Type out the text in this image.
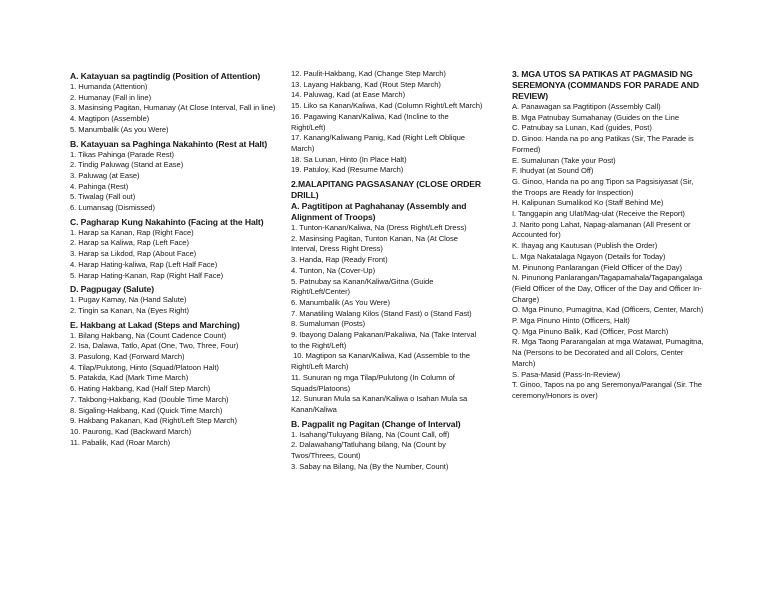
A. Katayuan sa pagtindig (Position of Attention)
1. Humanda (Attention)
2. Humanay (Fall in line)
3. Masinsing Pagitan, Humanay (At Close Interval, Fall in line)
4. Magtipon (Assemble)
5. Manumbalik (As you Were)
B. Katayuan sa Paghinga Nakahinto (Rest at Halt)
1. Tikas Pahinga (Parade Rest)
2. Tindig Paluwag (Stand at Ease)
3. Paluwag (at Ease)
4. Pahinga (Rest)
5. Tiwalag (Fall out)
6. Lumansag (Dismissed)
C. Pagharap Kung Nakahinto (Facing at the Halt)
1. Harap sa Kanan, Rap (Right Face)
2. Harap sa Kaliwa, Rap (Left Face)
3. Harap sa Likdod, Rap (About Face)
4. Harap Hating-kaliwa, Rap (Left Half Face)
5. Harap Hating-Kanan, Rap (Right Half Face)
D. Pagpugay (Salute)
1. Pugay Kamay, Na (Hand Salute)
2. Tingin sa Kanan, Na (Eyes Right)
E. Hakbang at Lakad (Steps and Marching)
1. Bilang Hakbang, Na (Count Cadence Count)
2. Isa, Dalawa, Tatlo, Apat (One, Two, Three, Four)
3. Pasulong, Kad (Forward March)
4. Tilap/Pulutong, Hinto (Squad/Platoon Halt)
5. Patakda, Kad (Mark Time March)
6. Hating Hakbang, Kad (Half Step March)
7. Takbong-Hakbang, Kad (Double Time March)
8. Sigaling-Hakbang, Kad (Quick Time March)
9. Hakbang Pakanan, Kad (Right/Left Step March)
10. Paurong, Kad (Backward March)
11. Pabalik, Kad (Roar March)
12. Paulit-Hakbang, Kad (Change Step March)
13. Layang Hakbang, Kad (Rout Step March)
14. Paluwag, Kad (at Ease March)
15. Liko sa Kanan/Kaliwa, Kad (Column Right/Left March)
16. Pagawing Kanan/Kaliwa, Kad (Incline to the Right/Left)
17. Kanang/Kaliwang Panig, Kad (Right Left Oblique March)
18. Sa Lunan, Hinto (In Place Halt)
19. Patuloy, Kad (Resume March)
2.MALAPITANG PAGSASANAY (CLOSE ORDER DRILL)
A. Pagtitipon at Paghahanay (Assembly and Alignment of Troops)
1. Tunton-Kanan/Kaliwa, Na (Dress Right/Left Dress)
2. Masinsing Pagitan, Tunton Kanan, Na (At Close Interval, Dress Right Dress)
3. Handa, Rap (Ready Front)
4. Tunton, Na (Cover-Up)
5. Patnubay sa Kanan/Kaliwa/Gitna (Guide Right/Left/Center)
6. Manumbalik (As You Were)
7. Manatiling Walang Kilos (Stand Fast) o (Stand Fast)
8. Sumaluman (Posts)
9. Ibayong Dalang Pakanan/Pakaliwa, Na (Take Interval to the Right/Left)
10. Magtipon sa Kanan/Kaliwa, Kad (Assemble to the Right/Left March)
11. Sunuran ng mga Tilap/Pulutong (In Column of Squads/Platoons)
12. Sunuran Mula sa Kanan/Kaliwa o Isahan Mula sa Kanan/Kaliwa
B. Pagpalit ng Pagitan (Change of Interval)
1. Isahang/Tuluyang Bilang, Na (Count Call, off)
2. Dalawahang/Tatluhang bilang, Na (Count by Twos/Threes, Count)
3. Sabay na Bilang, Na (By the Number, Count)
3. MGA UTOS SA PATIKAS AT PAGMASID NG SEREMONYA (COMMANDS FOR PARADE AND REVIEW)
A. Panawagan sa Pagtitipon (Assembly Call)
B. Mga Patnubay Sumahanay (Guides on the Line
C. Patnubay sa Lunan, Kad (guides, Post)
D. Ginoo. Handa na po ang Patikas (Sir, The Parade is Formed)
E. Sumalunan (Take your Post)
F. Ihudyat (at Sound Off)
G. Ginoo, Handa na po ang Tipon sa Pagsisiyasat (Sir, the Troops are Ready for Inspection)
H. Kalipunan Sumalikod Ko (Staff Behind Me)
I. Tanggapin ang Ulat/Mag-ulat (Receive the Report)
J. Narito pong Lahat, Napag-alamanan (All Present or Accounted for)
K. Ihayag ang Kautusan (Publish the Order)
L. Mga Nakatalaga Ngayon (Details for Today)
M. Pinunong Panlarangan (Field Officer of the Day)
N. Pinunong Panlarangan/Tagapamahala/Tagapangalaga (Field Officer of the Day, Officer of the Day and Officer In-Charge)
O. Mga Pinuno, Pumagitna, Kad (Officers, Center, March)
P. Mga Pinuno Hinto (Officers, Halt)
Q. Mga Pinuno Balik, Kad (Officer, Post March)
R. Mga Taong Pararangalan at mga Watawat, Pumagitna, Na (Persons to be Decorated and all Colors, Center March)
S. Pasa-Masid (Pass-In-Review)
T. Ginoo, Tapos na po ang Seremonya/Parangal (Sir. The ceremony/Honors is over)
